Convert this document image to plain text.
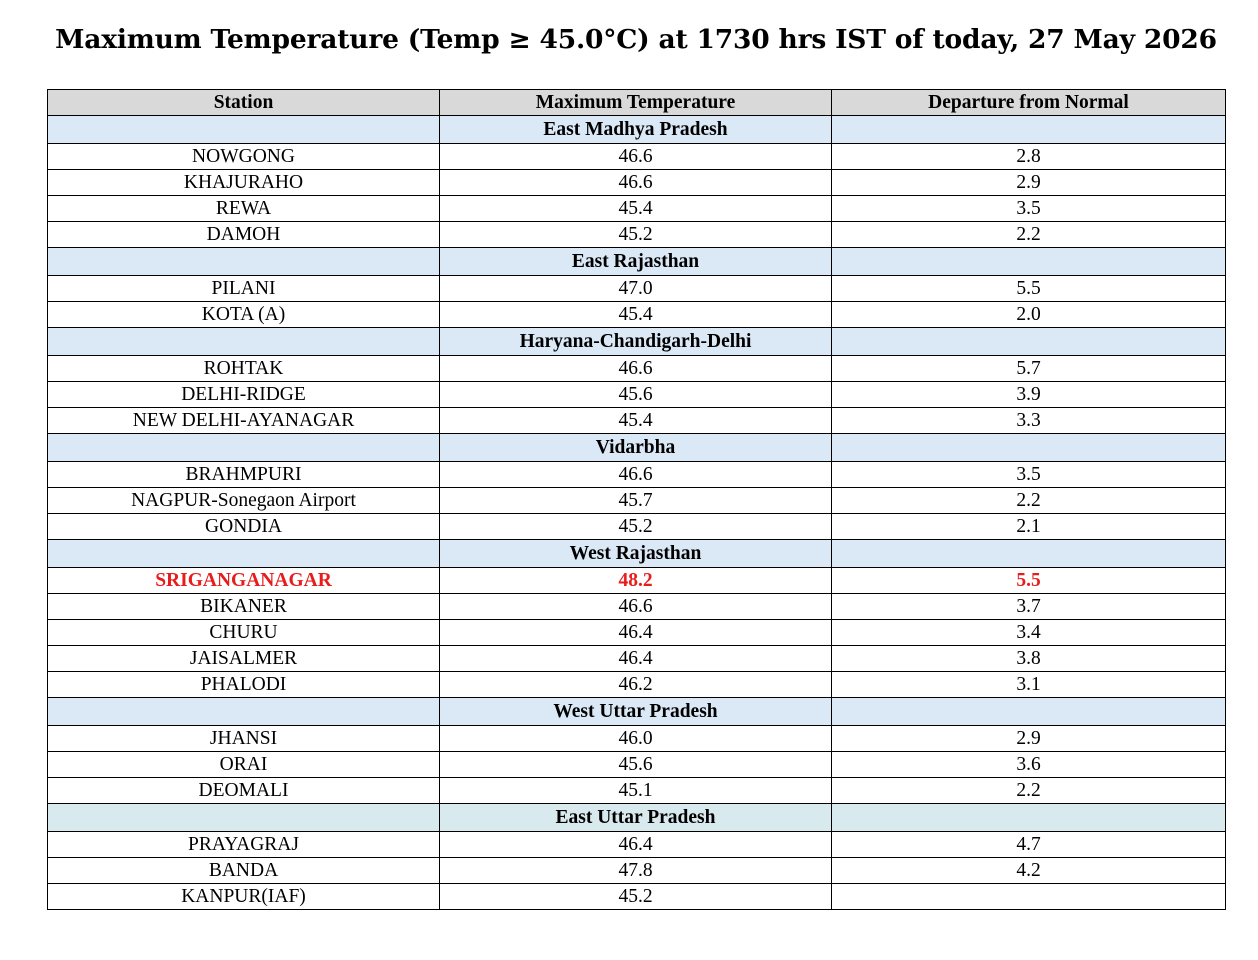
Maximum Temperature (Temp ≥ 45.0°C) at 1730 hrs IST of today, 27 May 2026
Station	Maximum Temperature	Departure from Normal
	East Madhya Pradesh	
NOWGONG	46.6	2.8
KHAJURAHO	46.6	2.9
REWA	45.4	3.5
DAMOH	45.2	2.2
	East Rajasthan	
PILANI	47.0	5.5
KOTA (A)	45.4	2.0
	Haryana-Chandigarh-Delhi	
ROHTAK	46.6	5.7
DELHI-RIDGE	45.6	3.9
NEW DELHI-AYANAGAR	45.4	3.3
	Vidarbha	
BRAHMPURI	46.6	3.5
NAGPUR-Sonegaon Airport	45.7	2.2
GONDIA	45.2	2.1
	West Rajasthan	
SRIGANGANAGAR	48.2	5.5
BIKANER	46.6	3.7
CHURU	46.4	3.4
JAISALMER	46.4	3.8
PHALODI	46.2	3.1
	West Uttar Pradesh	
JHANSI	46.0	2.9
ORAI	45.6	3.6
DEOMALI	45.1	2.2
	East Uttar Pradesh	
PRAYAGRAJ	46.4	4.7
BANDA	47.8	4.2
KANPUR(IAF)	45.2	
